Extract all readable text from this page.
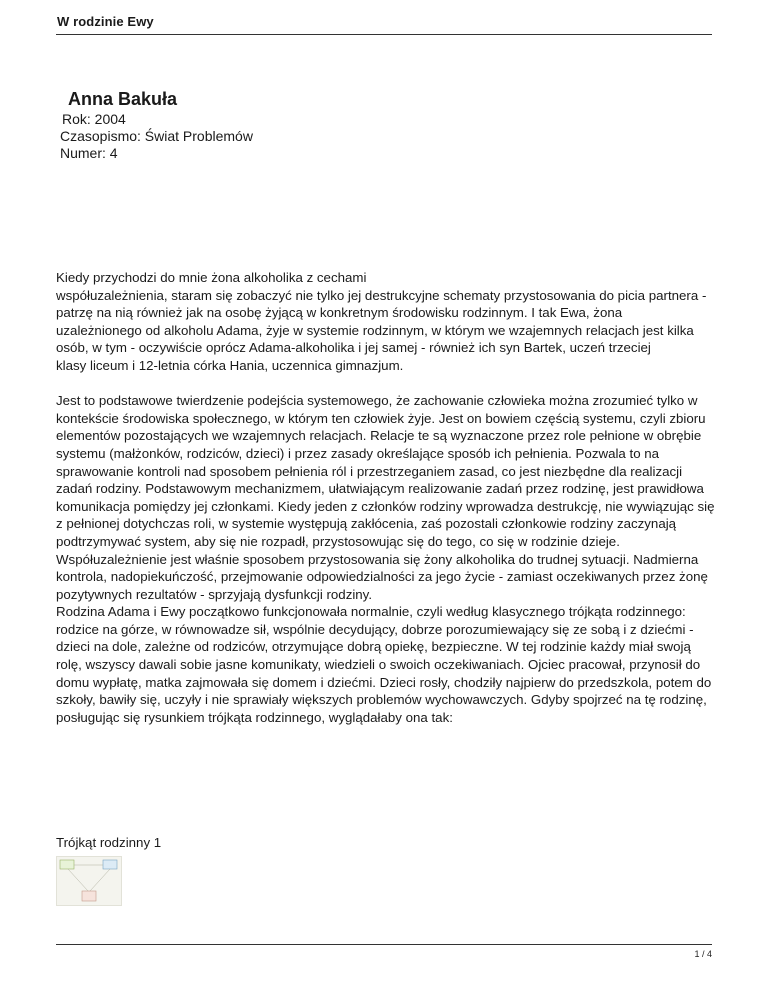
W rodzinie Ewy
Anna Bakuła
Rok: 2004
Czasopismo: Świat Problemów
Numer: 4

Kiedy przychodzi do mnie żona alkoholika z cechami
współuzależnienia, staram się zobaczyć nie tylko jej destrukcyjne schematy przystosowania do picia partnera - patrzę na nią również jak na osobę żyjącą w konkretnym środowisku rodzinnym. I tak Ewa, żona
uzależnionego od alkoholu Adama, żyje w systemie rodzinnym, w którym we wzajemnych relacjach jest kilka osób, w tym - oczywiście oprócz Adama-alkoholika i jej samej - również ich syn Bartek, uczeń trzeciej
klasy liceum i 12-letnia córka Hania, uczennica gimnazjum.

Jest to podstawowe twierdzenie podejścia systemowego, że zachowanie człowieka można zrozumieć tylko w kontekście środowiska społecznego, w którym ten człowiek żyje. Jest on bowiem częścią systemu, czyli zbioru elementów pozostających we wzajemnych relacjach. Relacje te są wyznaczone przez role pełnione w obrębie systemu (małżonków, rodziców, dzieci) i przez zasady określające sposób ich pełnienia. Pozwala to na sprawowanie kontroli nad sposobem pełnienia ról i przestrzeganiem zasad, co jest niezbędne dla realizacji zadań rodziny. Podstawowym mechanizmem, ułatwiającym realizowanie zadań przez rodzinę, jest prawidłowa komunikacja pomiędzy jej członkami. Kiedy jeden z członków rodziny wprowadza destrukcję, nie wywiązując się z pełnionej dotychczas roli, w systemie występują zakłócenia, zaś pozostali członkowie rodziny zaczynają podtrzymywać system, aby się nie rozpadł, przystosowując się do tego, co się w rodzinie dzieje. Współuzależnienie jest właśnie sposobem przystosowania się żony alkoholika do trudnej sytuacji. Nadmierna kontrola, nadopiekuńczość, przejmowanie odpowiedzialności za jego życie - zamiast oczekiwanych przez żonę pozytywnych rezultatów - sprzyjają dysfunkcji rodziny.

Rodzina Adama i Ewy początkowo funkcjonowała normalnie, czyli według klasycznego trójkąta rodzinnego: rodzice na górze, w równowadze sił, wspólnie decydujący, dobrze porozumiewający się ze sobą i z dziećmi - dzieci na dole, zależne od rodziców, otrzymujące dobrą opiekę, bezpieczne. W tej rodzinie każdy miał swoją rolę, wszyscy dawali sobie jasne komunikaty, wiedzieli o swoich oczekiwaniach. Ojciec pracował, przynosił do domu wypłatę, matka zajmowała się domem i dziećmi. Dzieci rosły, chodziły najpierw do przedszkola, potem do szkoły, bawiły się, uczyły i nie sprawiały większych problemów wychowawczych. Gdyby spojrzeć na tę rodzinę, posługując się rysunkiem trójkąta rodzinnego, wyglądałaby ona tak:

Trójkąt rodzinny 1
1 / 4
